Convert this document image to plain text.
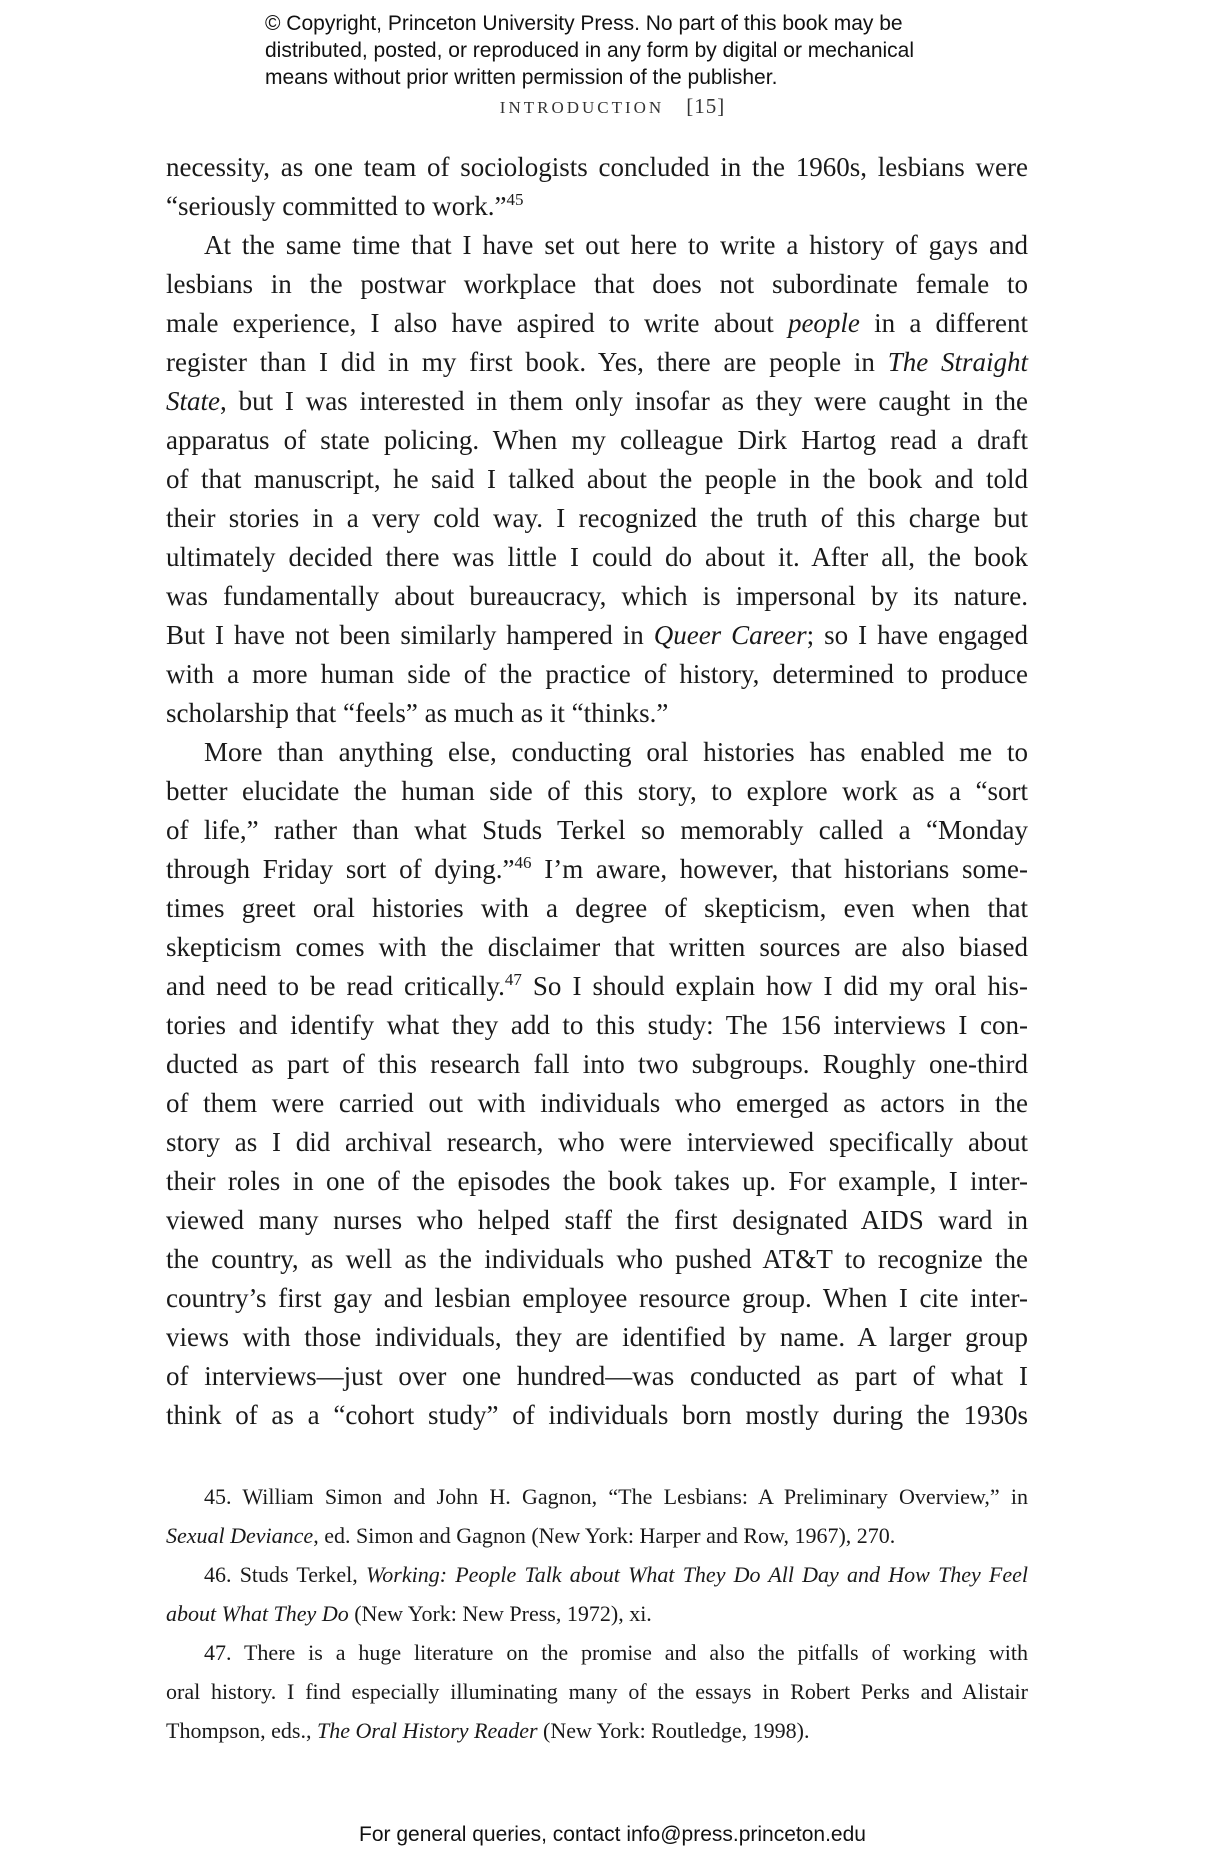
© Copyright, Princeton University Press. No part of this book may be
distributed, posted, or reproduced in any form by digital or mechanical
means without prior written permission of the publisher.
INTRODUCTION [15]
necessity, as one team of sociologists concluded in the 1960s, lesbians were
“seriously committed to work.”$^{45}$
At the same time that I have set out here to write a history of gays and
lesbians in the postwar workplace that does not subordinate female to
male experience, I also have aspired to write about people in a different
register than I did in my first book. Yes, there are people in The Straight
State, but I was interested in them only insofar as they were caught in the
apparatus of state policing. When my colleague Dirk Hartog read a draft
of that manuscript, he said I talked about the people in the book and told
their stories in a very cold way. I recognized the truth of this charge but
ultimately decided there was little I could do about it. After all, the book
was fundamentally about bureaucracy, which is impersonal by its nature.
But I have not been similarly hampered in Queer Career; so I have engaged
with a more human side of the practice of history, determined to produce
scholarship that “feels” as much as it “thinks.”
More than anything else, conducting oral histories has enabled me to
better elucidate the human side of this story, to explore work as a “sort
of life,” rather than what Studs Terkel so memorably called a “Monday
through Friday sort of dying.”$^{46}$ I’m aware, however, that historians some-
times greet oral histories with a degree of skepticism, even when that
skepticism comes with the disclaimer that written sources are also biased
and need to be read critically.$^{47}$ So I should explain how I did my oral his-
tories and identify what they add to this study: The 156 interviews I con-
ducted as part of this research fall into two subgroups. Roughly one-third
of them were carried out with individuals who emerged as actors in the
story as I did archival research, who were interviewed specifically about
their roles in one of the episodes the book takes up. For example, I inter-
viewed many nurses who helped staff the first designated AIDS ward in
the country, as well as the individuals who pushed AT&T to recognize the
country’s first gay and lesbian employee resource group. When I cite inter-
views with those individuals, they are identified by name. A larger group
of interviews—just over one hundred—was conducted as part of what I
think of as a “cohort study” of individuals born mostly during the 1930s
45. William Simon and John H. Gagnon, “The Lesbians: A Preliminary Overview,” in
Sexual Deviance, ed. Simon and Gagnon (New York: Harper and Row, 1967), 270.
46. Studs Terkel, Working: People Talk about What They Do All Day and How They Feel
about What They Do (New York: New Press, 1972), xi.
47. There is a huge literature on the promise and also the pitfalls of working with
oral history. I find especially illuminating many of the essays in Robert Perks and Alistair
Thompson, eds., The Oral History Reader (New York: Routledge, 1998).
For general queries, contact info@press.princeton.edu
